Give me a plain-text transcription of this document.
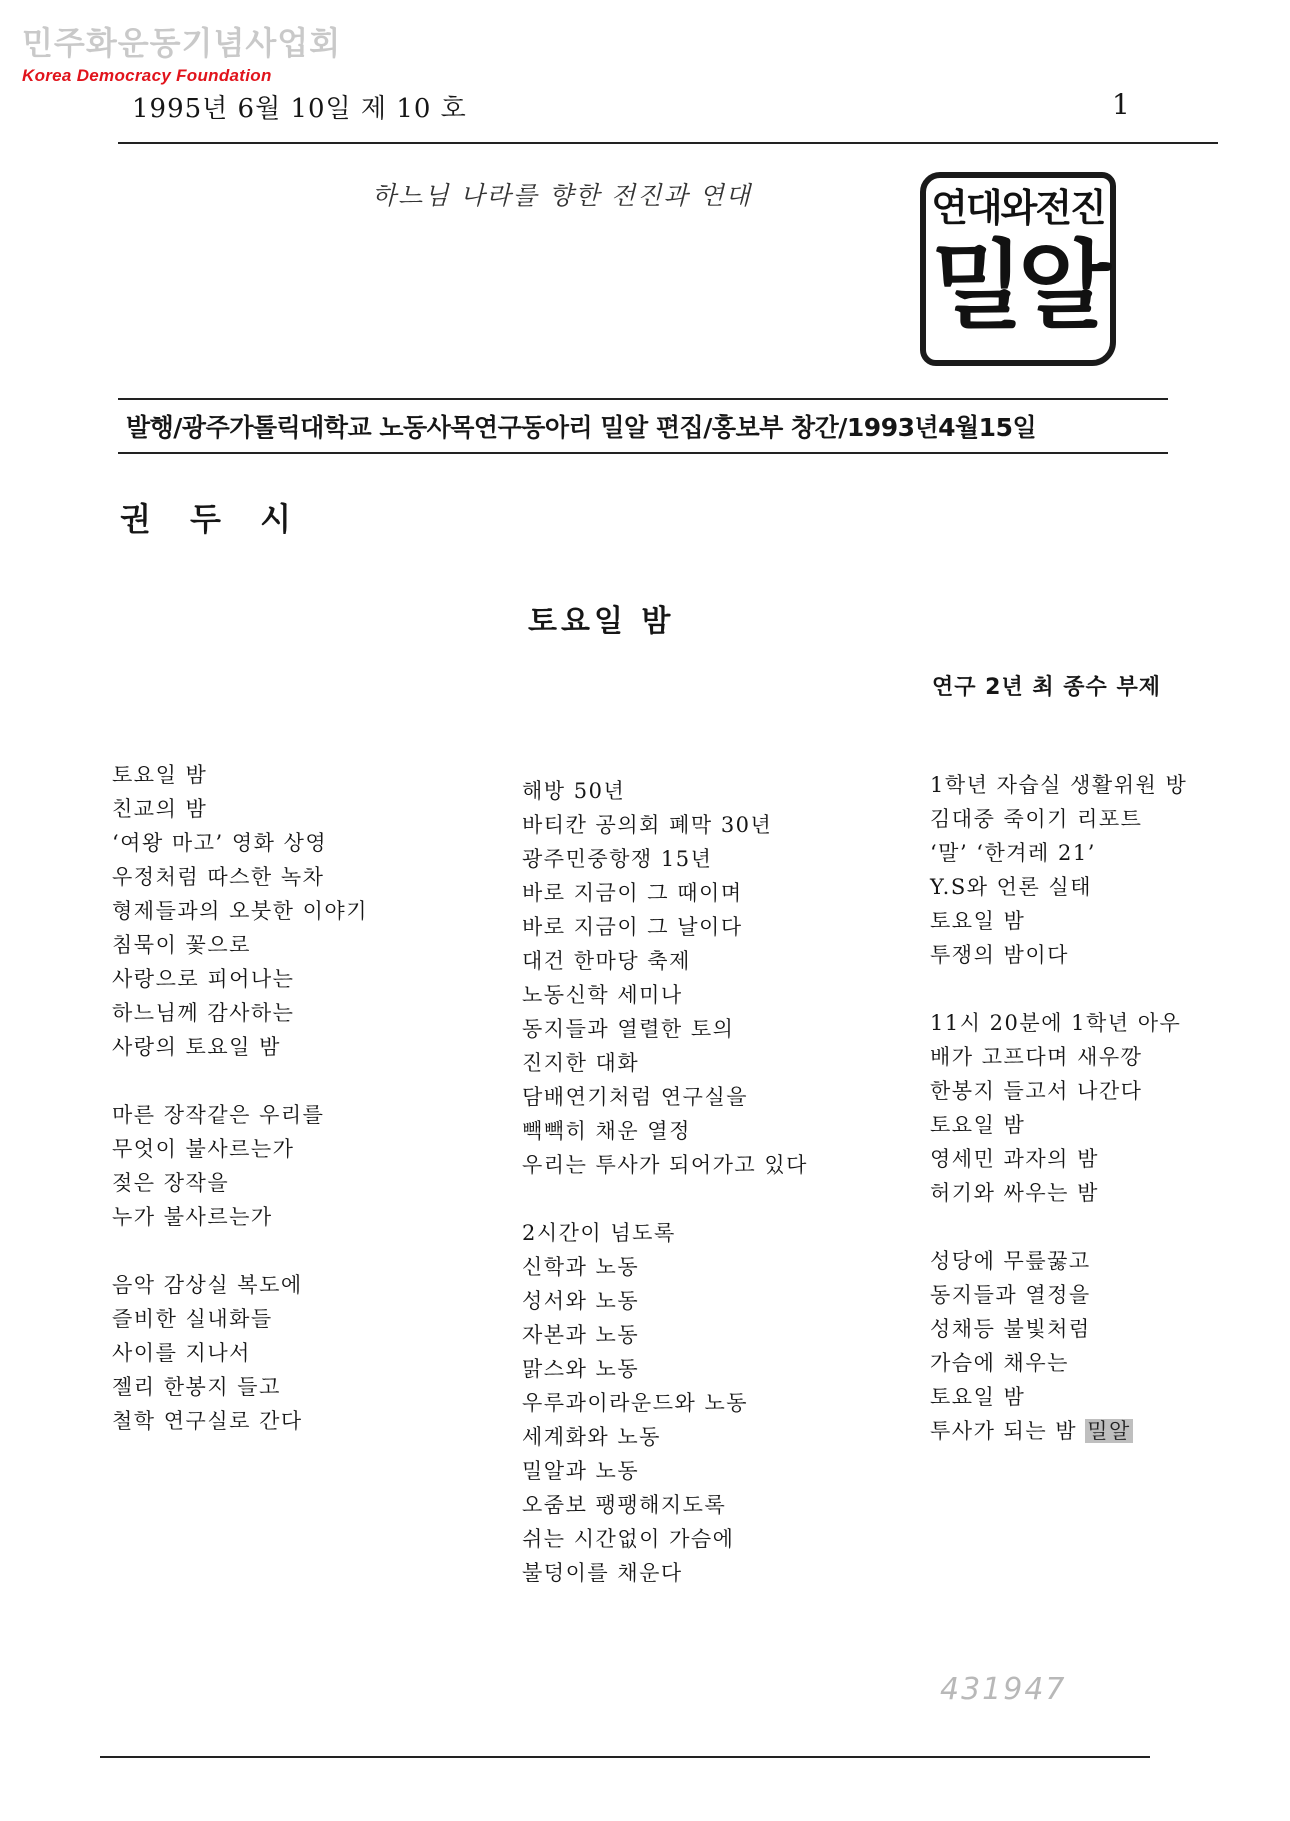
민주화운동기념사업회
Korea Democracy Foundation
1995년 6월 10일 제 10 호	1
하느님 나라를 향한 전진과 연대	연대와전진
밀알
발행/광주가톨릭대학교 노동사목연구동아리 밀알 편집/홍보부 창간/1993년4월15일
권 두 시
토요일 밤
연구 2년 최 종수 부제
토요일 밤
친교의 밤
‘여왕 마고’ 영화 상영
우정처럼 따스한 녹차
형제들과의 오붓한 이야기
침묵이 꽃으로
사랑으로 피어나는
하느님께 감사하는
사랑의 토요일 밤
마른 장작같은 우리를
무엇이 불사르는가
젖은 장작을
누가 불사르는가
음악 감상실 복도에
즐비한 실내화들
사이를 지나서
젤리 한봉지 들고
철학 연구실로 간다
해방 50년
바티칸 공의회 폐막 30년
광주민중항쟁 15년
바로 지금이 그 때이며
바로 지금이 그 날이다
대건 한마당 축제
노동신학 세미나
동지들과 열렬한 토의
진지한 대화
담배연기처럼 연구실을
빽빽히 채운 열정
우리는 투사가 되어가고 있다
2시간이 넘도록
신학과 노동
성서와 노동
자본과 노동
맑스와 노동
우루과이라운드와 노동
세계화와 노동
밀알과 노동
오줌보 팽팽해지도록
쉬는 시간없이 가슴에
불덩이를 채운다
1학년 자습실 생활위원 방
김대중 죽이기 리포트
‘말’ ‘한겨레 21’
Y.S와 언론 실태
토요일 밤
투쟁의 밤이다
11시 20분에 1학년 아우
배가 고프다며 새우깡
한봉지 들고서 나간다
토요일 밤
영세민 과자의 밤
허기와 싸우는 밤
성당에 무릎꿇고
동지들과 열정을
성채등 불빛처럼
가슴에 채우는
토요일 밤
투사가 되는 밤 밀알
431947
